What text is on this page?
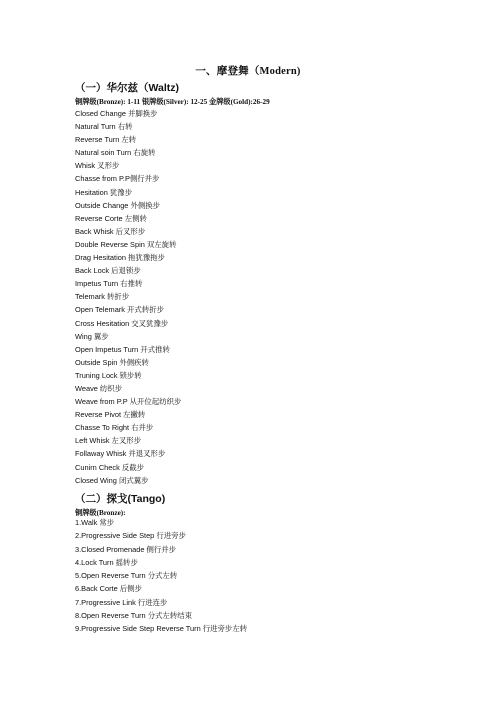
一、摩登舞（Modern)
（一）华尔兹（Waltz)
铜牌级(Bronze): 1-11 银牌级(Silver): 12-25 金牌级(Gold):26-29
Closed Change 并脚换步
Natural Turn 右转
Reverse Turn 左转
Natural soin Turn 右旋转
Whisk 叉形步
Chasse from P.P侧行并步
Hesitation 犹豫步
Outside Change 外侧换步
Reverse Corte 左侧转
Back Whisk 后叉形步
Double Reverse Spin 双左旋转
Drag Hesitation 拖犹豫拖步
Back Lock 后退锁步
Impetus Turn 右推转
Telemark 转折步
Open Telemark 开式转折步
Cross Hesitation 交叉犹豫步
Wing 翼步
Open Impetus Turn 开式推转
Outside Spin 外侧疾转
Truning Lock 锁步转
Weave 纺织步
Weave from P.P 从开位起纺织步
Reverse Pivot 左撇转
Chasse To Right 右并步
Left Whisk 左叉形步
Follaway Whisk 并退叉形步
Cunirn Check 反截步
Closed Wing 闭式翼步
（二）探戈(Tango)
铜牌级(Bronze):
1.Walk 常步
2.Progressive Side Step 行进旁步
3.Closed Promenade 侧行并步
4.Lock Turn 摇转步
5.Open Reverse Turn 分式左转
6.Back Corte 后侧步
7.Progressive Link 行进连步
8.Open Reverse Turn 分式左转结束
9.Progressive Side Step Reverse Turn 行进旁步左转
